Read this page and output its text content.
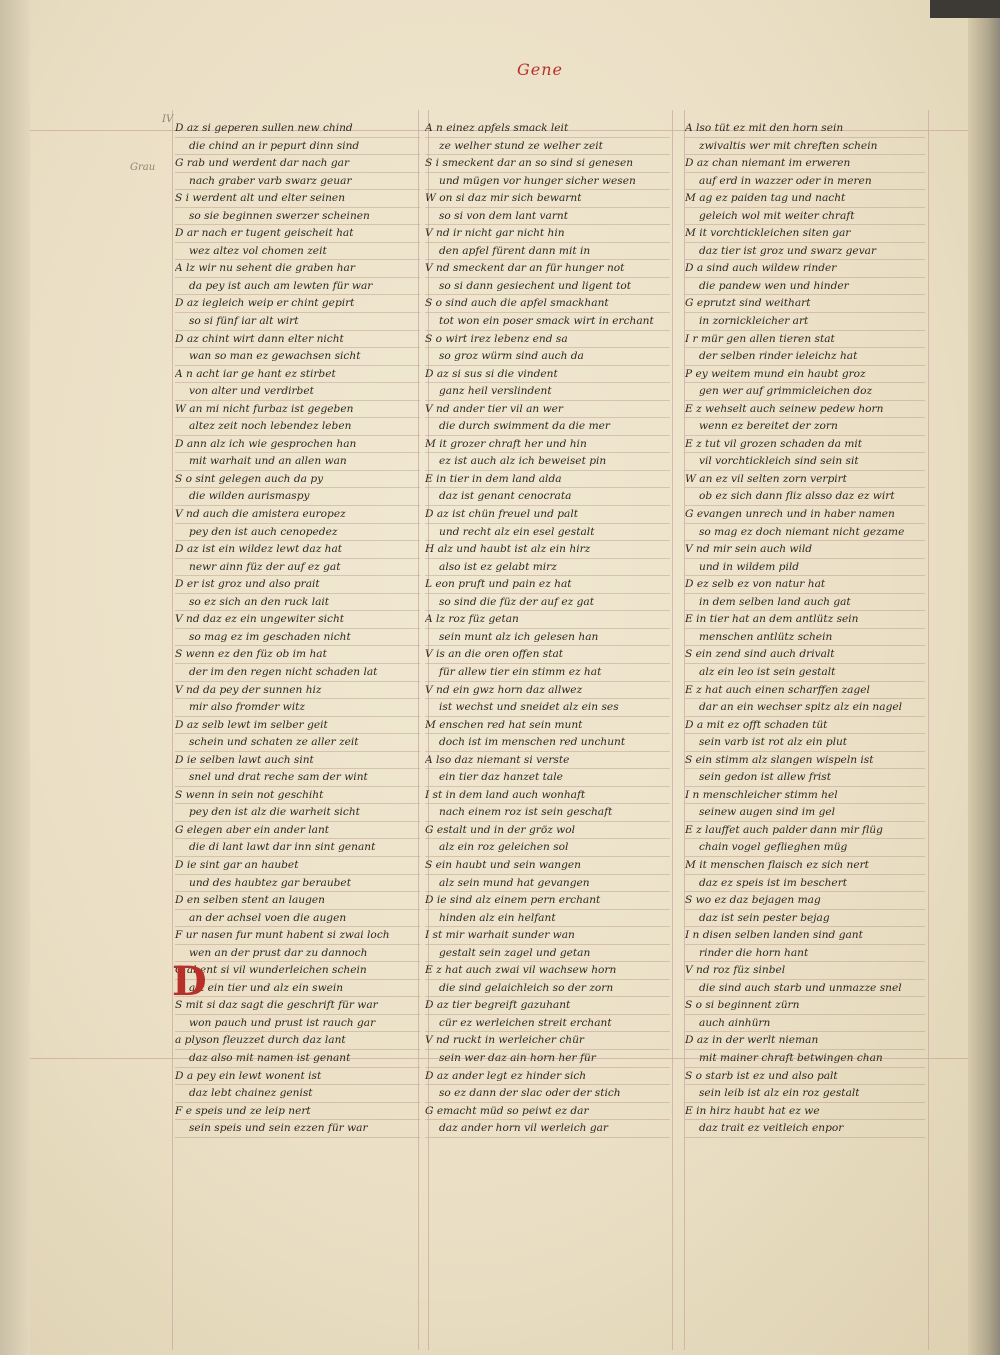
Gene
IV
Grau
D az si geperen sullen new chind
die chind an ir pepurt dinn sind
G rab und werdent dar nach gar
nach graber varb swarz geuar
S i werdent alt und elter seinen
so sie beginnen swerzer scheinen
D ar nach er tugent geischeit hat
wez altez vol chomen zeit
A lz wir nu sehent die graben har
da pey ist auch am lewten für war
D az iegleich weip er chint gepirt
so si fünf iar alt wirt
D az chint wirt dann elter nicht
wan so man ez gewachsen sicht
A n acht iar ge hant ez stirbet
von alter und verdirbet
W an mi nicht furbaz ist gegeben
altez zeit noch lebendez leben
D ann alz ich wie gesprochen han
mit warhait und an allen wan
S o sint gelegen auch da py
die wilden aurismaspy
V nd auch die amistera europez
pey den ist auch cenopedez
D az ist ein wildez lewt daz hat
newr ainn füz der auf ez gat
D er ist groz und also prait
so ez sich an den ruck lait
V nd daz ez ein ungewiter sicht
so mag ez im geschaden nicht
S wenn ez den füz ob im hat
der im den regen nicht schaden lat
V nd da pey der sunnen hiz
mir also fromder witz
D az selb lewt im selber geit
schein und schaten ze aller zeit
D ie selben lawt auch sint
snel und drat reche sam der wint
S wenn in sein not geschiht
pey den ist alz die warheit sicht
G elegen aber ein ander lant
die di lant lawt dar inn sint genant
D ie sint gar an haubet
und des haubtez gar beraubet
D en selben stent an laugen
an der achsel voen die augen
F ur nasen fur munt habent si zwai loch
wen an der prust dar zu dannoch
G abent si vil wunderleichen schein
alz ein tier und alz ein swein
S mit si daz sagt die geschrift für war
won pauch und prust ist rauch gar
a plyson fleuzzet durch daz lant
daz also mit namen ist genant
D a pey ein lewt wonent ist
daz lebt chainez genist
F e speis und ze leip nert
sein speis und sein ezzen für war
A n einez apfels smack leit
ze welher stund ze welher zeit
S i smeckent dar an so sind si genesen
und mügen vor hunger sicher wesen
W on si daz mir sich bewarnt
so si von dem lant varnt
V nd ir nicht gar nicht hin
den apfel fürent dann mit in
V nd smeckent dar an für hunger not
so si dann gesiechent und ligent tot
S o sind auch die apfel smackhant
tot won ein poser smack wirt in erchant
S o wirt irez lebenz end sa
so groz würm sind auch da
D az si sus si die vindent
ganz heil verslindent
V nd ander tier vil an wer
die durch swimment da die mer
M it grozer chraft her und hin
ez ist auch alz ich beweiset pin
E in tier in dem land alda
daz ist genant cenocrata
D az ist chün freuel und palt
und recht alz ein esel gestalt
H alz und haubt ist alz ein hirz
also ist ez gelabt mirz
L eon pruft und pain ez hat
so sind die füz der auf ez gat
A lz roz füz getan
sein munt alz ich gelesen han
V is an die oren offen stat
für allew tier ein stimm ez hat
V nd ein gwz horn daz allwez
ist wechst und sneidet alz ein ses
M enschen red hat sein munt
doch ist im menschen red unchunt
A lso daz niemant si verste
ein tier daz hanzet tale
I st in dem land auch wonhaft
nach einem roz ist sein geschaft
G estalt und in der gröz wol
alz ein roz geleichen sol
S ein haubt und sein wangen
alz sein mund hat gevangen
D ie sind alz einem pern erchant
hinden alz ein helfant
I st mir warhait sunder wan
gestalt sein zagel und getan
E z hat auch zwai vil wachsew horn
die sind gelaichleich so der zorn
D az tier begreift gazuhant
cür ez werleichen streit erchant
V nd ruckt in werleicher chür
sein wer daz ain horn her für
D az ander legt ez hinder sich
so ez dann der slac oder der stich
G emacht müd so peiwt ez dar
daz ander horn vil werleich gar
A lso tüt ez mit den horn sein
zwivaltis wer mit chreften schein
D az chan niemant im erweren
auf erd in wazzer oder in meren
M ag ez paiden tag und nacht
geleich wol mit weiter chraft
M it vorchtickleichen siten gar
daz tier ist groz und swarz gevar
D a sind auch wildew rinder
die pandew wen und hinder
G eprutzt sind weithart
in zornickleicher art
I r mür gen allen tieren stat
der selben rinder ieleichz hat
P ey weitem mund ein haubt groz
gen wer auf grimmicleichen doz
E z wehselt auch seinew pedew horn
wenn ez bereitet der zorn
E z tut vil grozen schaden da mit
vil vorchtickleich sind sein sit
W an ez vil selten zorn verpirt
ob ez sich dann fliz alsso daz ez wirt
G evangen unrech und in haber namen
so mag ez doch niemant nicht gezame
V nd mir sein auch wild
und in wildem pild
D ez selb ez von natur hat
in dem selben land auch gat
E in tier hat an dem antlütz sein
menschen antlütz schein
S ein zend sind auch drivalt
alz ein leo ist sein gestalt
E z hat auch einen scharffen zagel
dar an ein wechser spitz alz ein nagel
D a mit ez offt schaden tüt
sein varb ist rot alz ein plut
S ein stimm alz slangen wispeln ist
sein gedon ist allew frist
I n menschleicher stimm hel
seinew augen sind im gel
E z lauffet auch palder dann mir flüg
chain vogel geflieghen müg
M it menschen flaisch ez sich nert
daz ez speis ist im beschert
S wo ez daz bejagen mag
daz ist sein pester bejag
I n disen selben landen sind gant
rinder die horn hant
V nd roz füz sinbel
die sind auch starb und unmazze snel
S o si beginnent zürn
auch ainhürn
D az in der werlt nieman
mit mainer chraft betwingen chan
S o starb ist ez und also palt
sein leib ist alz ein roz gestalt
E in hirz haubt hat ez we
daz trait ez veitleich enpor
D
